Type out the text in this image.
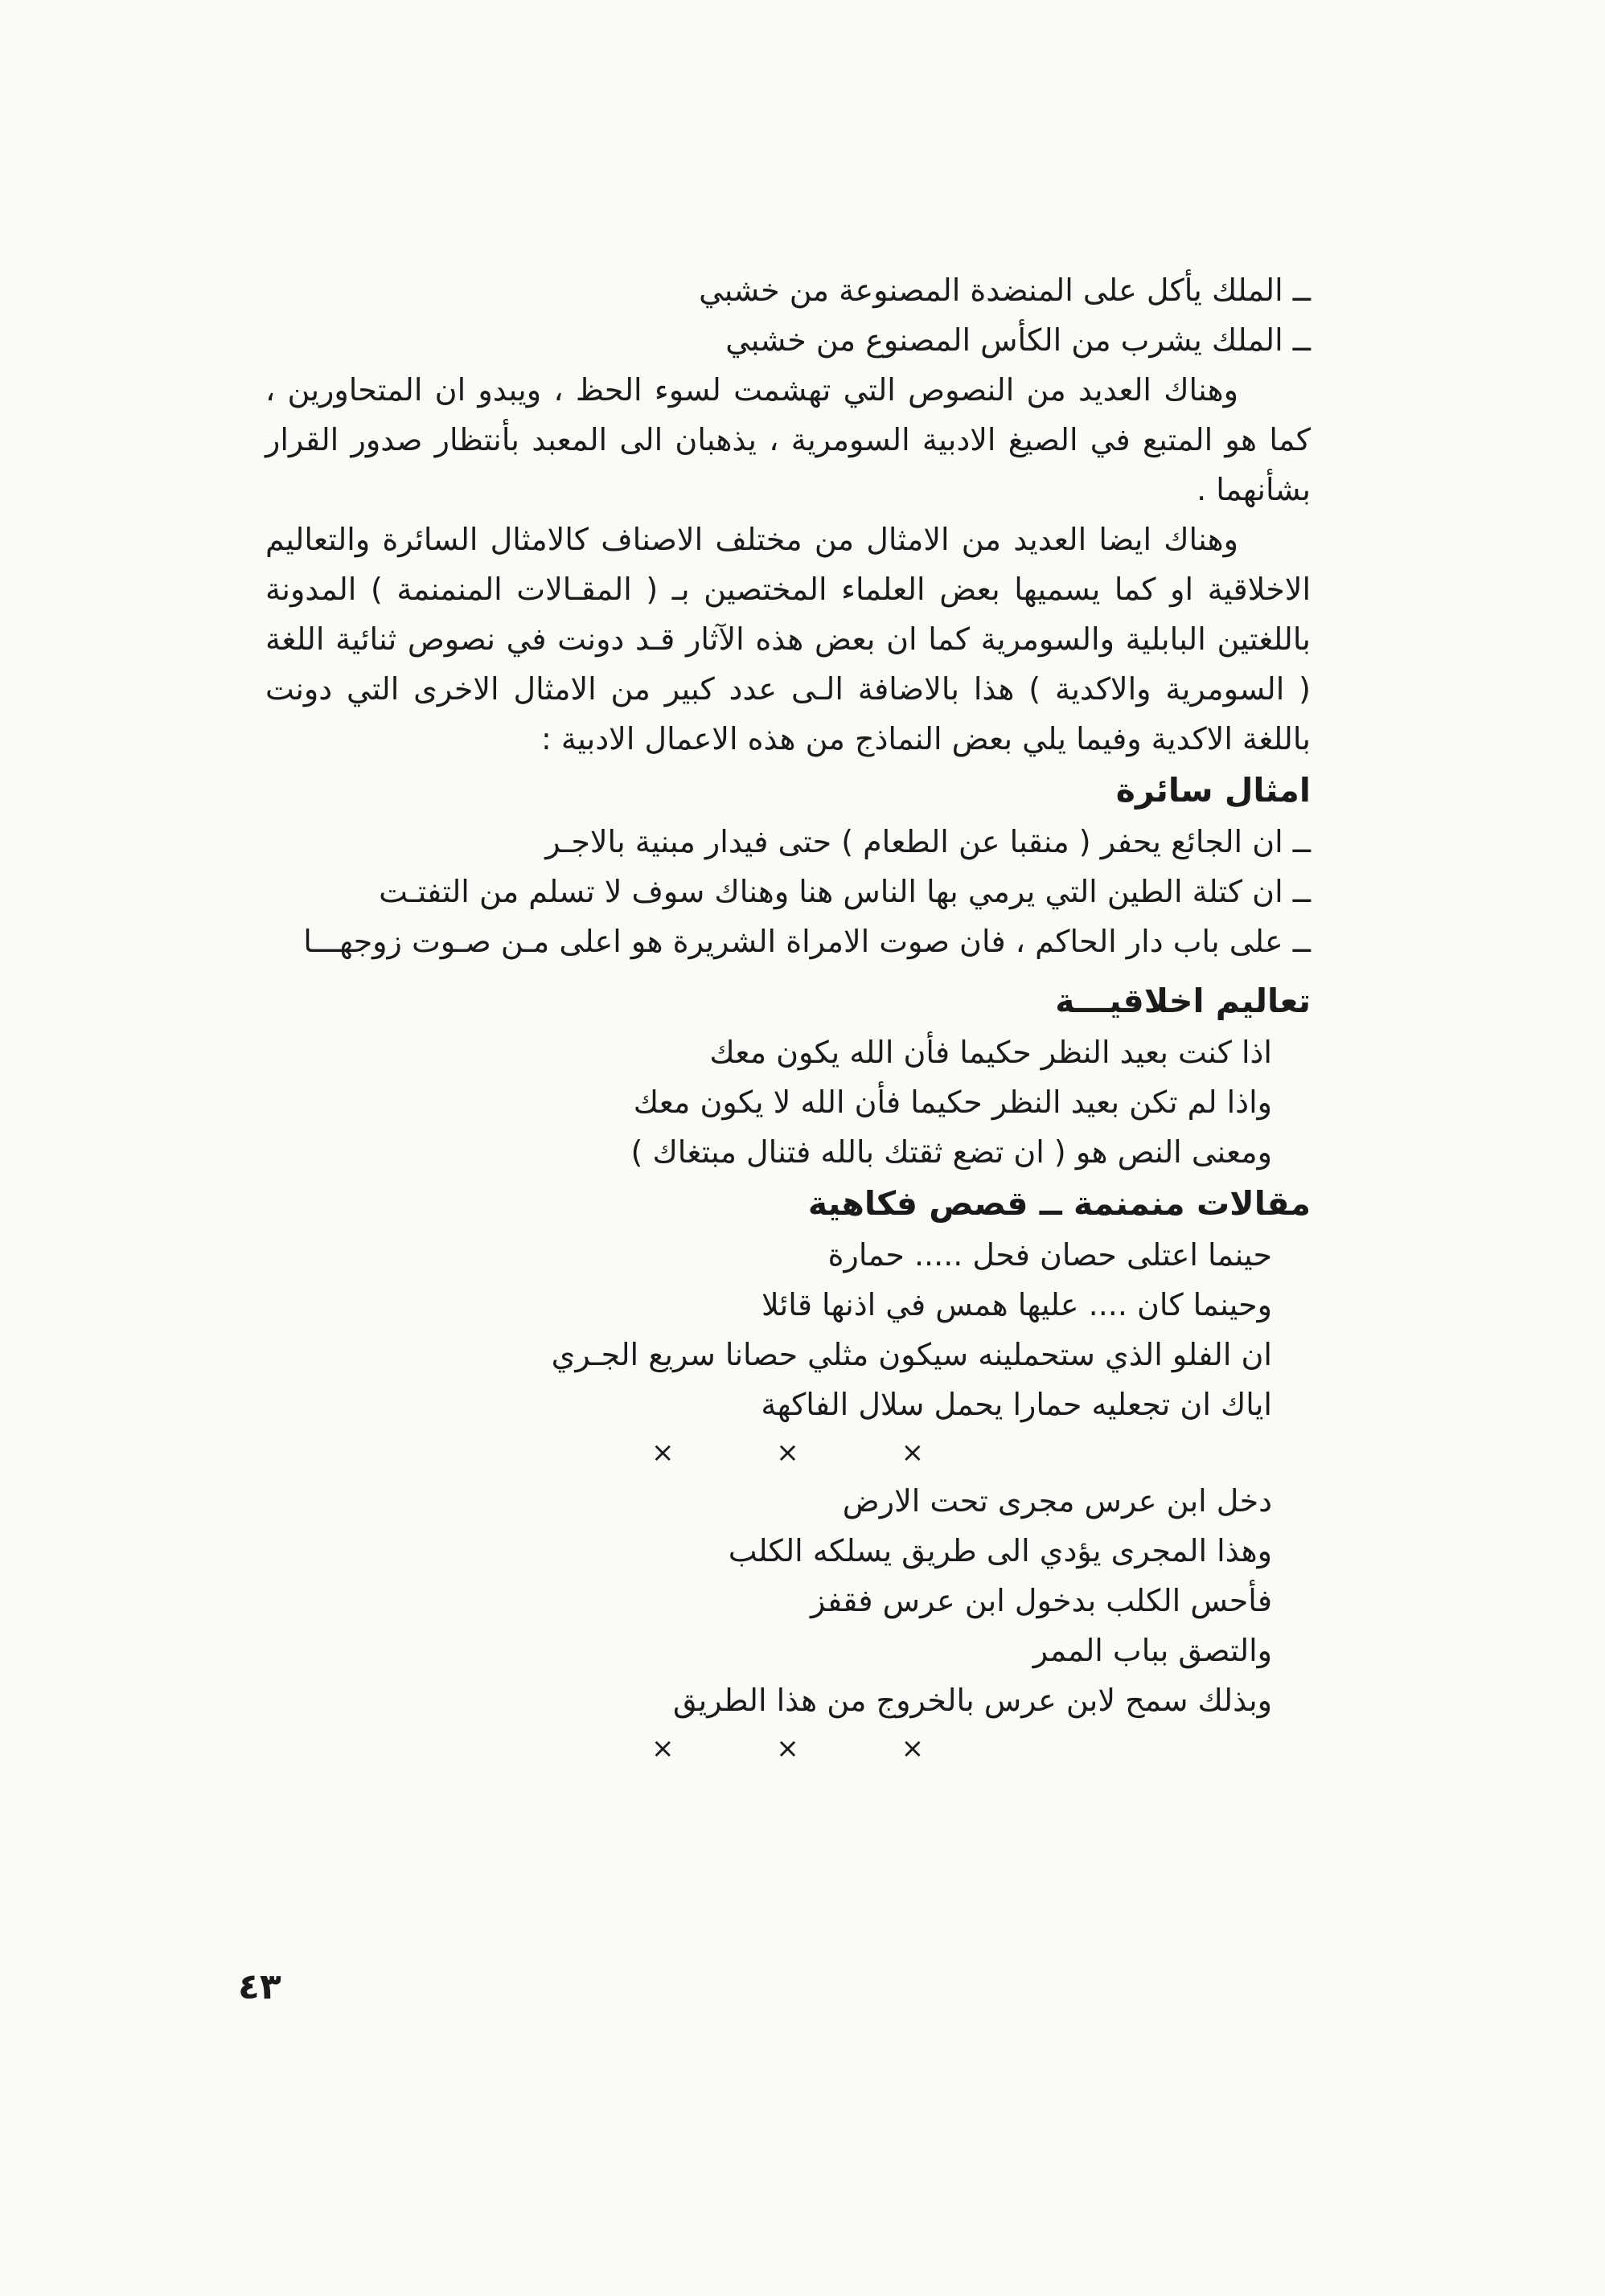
ــ الملك يأكل على المنضدة المصنوعة من خشبي

ــ الملك يشرب من الكأس المصنوع من خشبي

وهناك العديد من النصوص التي تهشمت لسوء الحظ ، ويبدو ان المتحاورين ، كما هو المتبع في الصيغ الادبية السومرية ، يذهبان الى المعبد بأنتظار صدور القرار بشأنهما .

وهناك ايضا العديد من الامثال من مختلف الاصناف كالامثال السائرة والتعاليم الاخلاقية او كما يسميها بعض العلماء المختصين بـ ( المقـالات المنمنمة ) المدونة باللغتين البابلية والسومرية كما ان بعض هذه الآثار قـد دونت في نصوص ثنائية اللغة ( السومرية والاكدية ) هذا بالاضافة الـى عدد كبير من الامثال الاخرى التي دونت باللغة الاكدية وفيما يلي بعض النماذج من هذه الاعمال الادبية :

امثال سائرة

ــ ان الجائع يحفر ( منقبا عن الطعام ) حتى فيدار مبنية بالاجـر

ــ ان كتلة الطين التي يرمي بها الناس هنا وهناك سوف لا تسلم من التفتـت

ــ على باب دار الحاكم ، فان صوت الامراة الشريرة هو اعلى مـن صـوت زوجهـــا

تعاليم اخلاقيـــة

اذا كنت بعيد النظر حكيما فأن الله يكون معك

واذا لم تكن بعيد النظر حكيما فأن الله لا يكون معك

ومعنى النص هو ( ان تضع ثقتك بالله فتنال مبتغاك )

مقالات منمنمة ــ قصص فكاهية

حينما اعتلى حصان فحل ..... حمارة

وحينما كان .... عليها همس في اذنها قائلا

ان الفلو الذي ستحملينه سيكون مثلي حصانا سريع الجـري

اياك ان تجعليه حمارا يحمل سلال الفاكهة

× × ×

دخل ابن عرس مجرى تحت الارض

وهذا المجرى يؤدي الى طريق يسلكه الكلب

فأحس الكلب بدخول ابن عرس فقفز

والتصق بباب الممر

وبذلك سمح لابن عرس بالخروج من هذا الطريق

× × ×

٤٣
